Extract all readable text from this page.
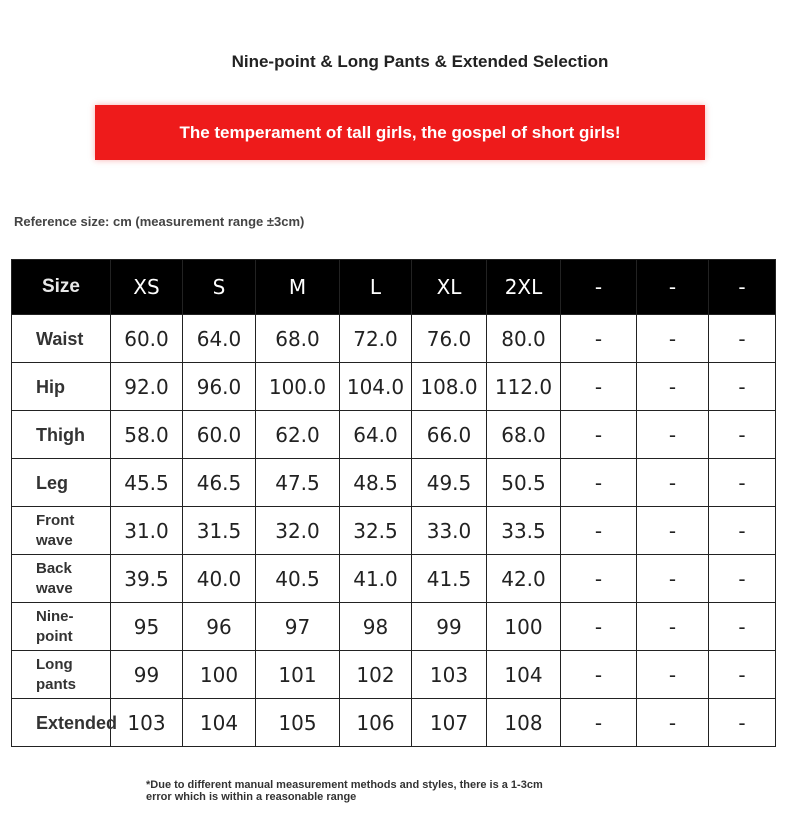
Nine-point & Long Pants & Extended Selection
The temperament of tall girls, the gospel of short girls!
Reference size: cm (measurement range ±3cm)
Size	XS	S	M	L	XL	2XL	-	-	-
Waist	60.0	64.0	68.0	72.0	76.0	80.0	-	-	-
Hip	92.0	96.0	100.0	104.0	108.0	112.0	-	-	-
Thigh	58.0	60.0	62.0	64.0	66.0	68.0	-	-	-
Leg	45.5	46.5	47.5	48.5	49.5	50.5	-	-	-
Front wave	31.0	31.5	32.0	32.5	33.0	33.5	-	-	-
Back wave	39.5	40.0	40.5	41.0	41.5	42.0	-	-	-
Nine-point	95	96	97	98	99	100	-	-	-
Long pants	99	100	101	102	103	104	-	-	-
Extended	103	104	105	106	107	108	-	-	-
*Due to different manual measurement methods and styles, there is a 1-3cm error which is within a reasonable range
